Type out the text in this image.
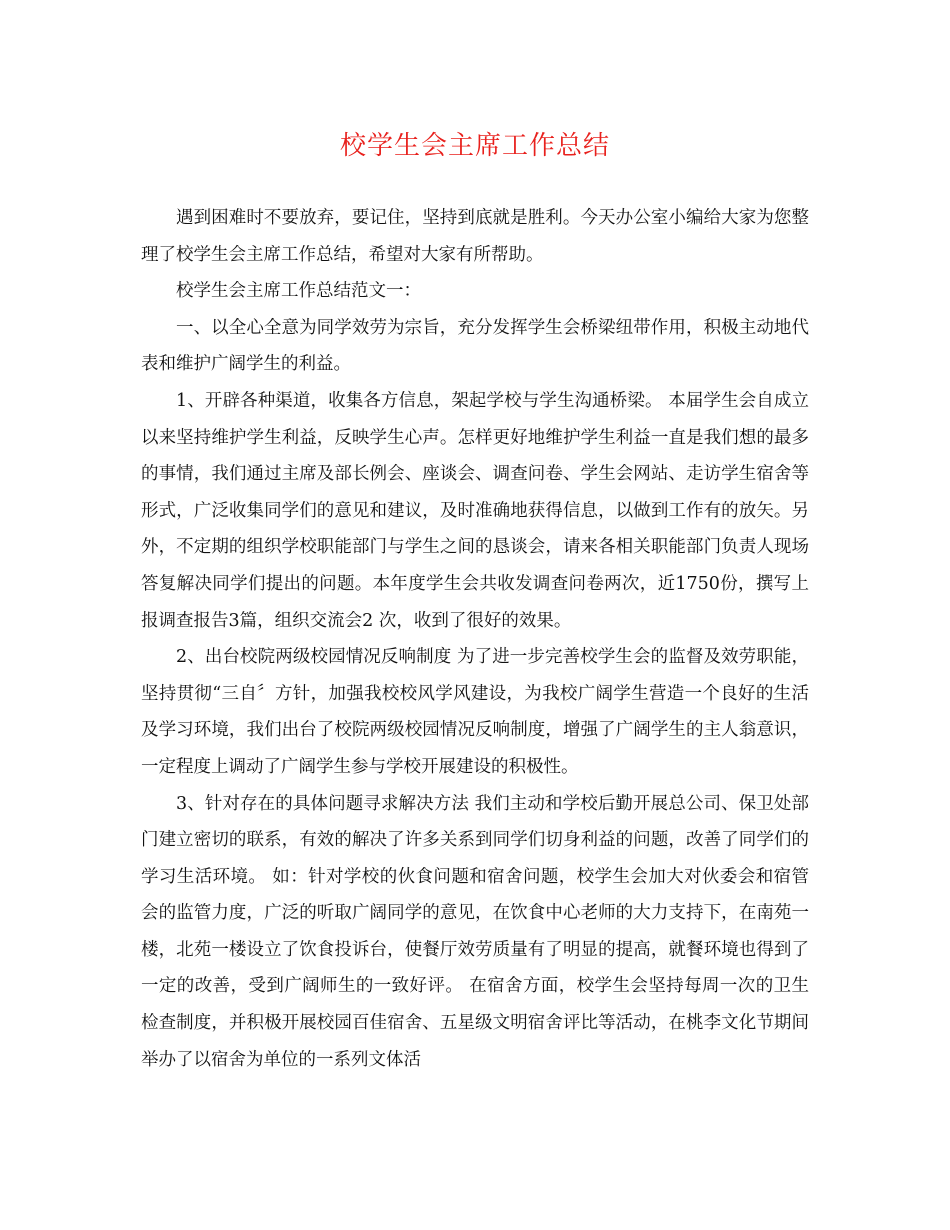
校学生会主席工作总结

遇到困难时不要放弃，要记住，坚持到底就是胜利。今天办公室小编给大家为您整理了校学生会主席工作总结，希望对大家有所帮助。

校学生会主席工作总结范文一：

一、以全心全意为同学效劳为宗旨，充分发挥学生会桥梁纽带作用，积极主动地代表和维护广阔学生的利益。

1、开辟各种渠道，收集各方信息，架起学校与学生沟通桥梁。 本届学生会自成立以来坚持维护学生利益，反映学生心声。怎样更好地维护学生利益一直是我们想的最多的事情，我们通过主席及部长例会、座谈会、调查问卷、学生会网站、走访学生宿舍等形式，广泛收集同学们的意见和建议，及时准确地获得信息，以做到工作有的放矢。另外，不定期的组织学校职能部门与学生之间的恳谈会，请来各相关职能部门负责人现场答复解决同学们提出的问题。本年度学生会共收发调查问卷两次，近1750份，撰写上报调查报告3篇，组织交流会2 次，收到了很好的效果。

2、出台校院两级校园情况反响制度 为了进一步完善校学生会的监督及效劳职能，坚持贯彻“三自〞方针，加强我校校风学风建设，为我校广阔学生营造一个良好的生活及学习环境，我们出台了校院两级校园情况反响制度，增强了广阔学生的主人翁意识，一定程度上调动了广阔学生参与学校开展建设的积极性。

3、针对存在的具体问题寻求解决方法 我们主动和学校后勤开展总公司、保卫处部门建立密切的联系，有效的解决了许多关系到同学们切身利益的问题，改善了同学们的学习生活环境。 如：针对学校的伙食问题和宿舍问题，校学生会加大对伙委会和宿管会的监管力度，广泛的听取广阔同学的意见，在饮食中心老师的大力支持下，在南苑一楼，北苑一楼设立了饮食投诉台，使餐厅效劳质量有了明显的提高，就餐环境也得到了一定的改善，受到广阔师生的一致好评。 在宿舍方面，校学生会坚持每周一次的卫生检查制度，并积极开展校园百佳宿舍、五星级文明宿舍评比等活动，在桃李文化节期间举办了以宿舍为单位的一系列文体活
